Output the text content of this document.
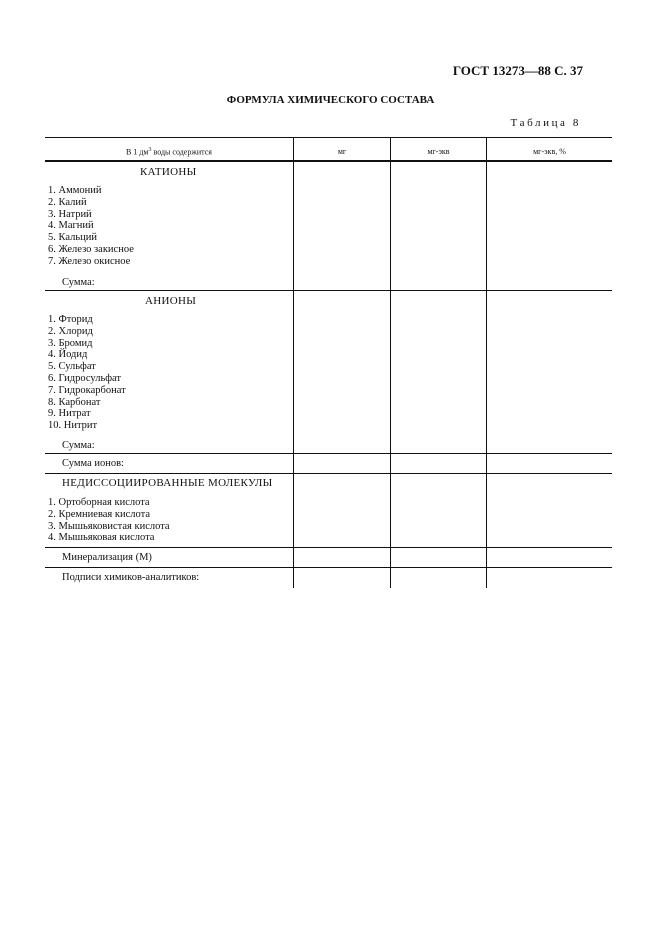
ГОСТ 13273—88 С. 37
ФОРМУЛА ХИМИЧЕСКОГО СОСТАВА
Таблица 8
В 1 $дм^3$ воды содержится	мг	мг-экв	мг-экв, %
КАТИОНЫ
1. Аммоний
2. Калий
3. Натрий
4. Магний
5. Кальций
6. Железо закисное
7. Железо окисное
Сумма:
АНИОНЫ
1. Фторид
2. Хлорид
3. Бромид
4. Йодид
5. Сульфат
6. Гидросульфат
7. Гидрокарбонат
8. Карбонат
9. Нитрат
10. Нитрит
Сумма:
Сумма ионов:
НЕДИССОЦИИРОВАННЫЕ МОЛЕКУЛЫ
1. Ортоборная кислота
2. Кремниевая кислота
3. Мышьяковистая кислота
4. Мышьяковая кислота
Минерализация (М)
Подписи химиков-аналитиков:
